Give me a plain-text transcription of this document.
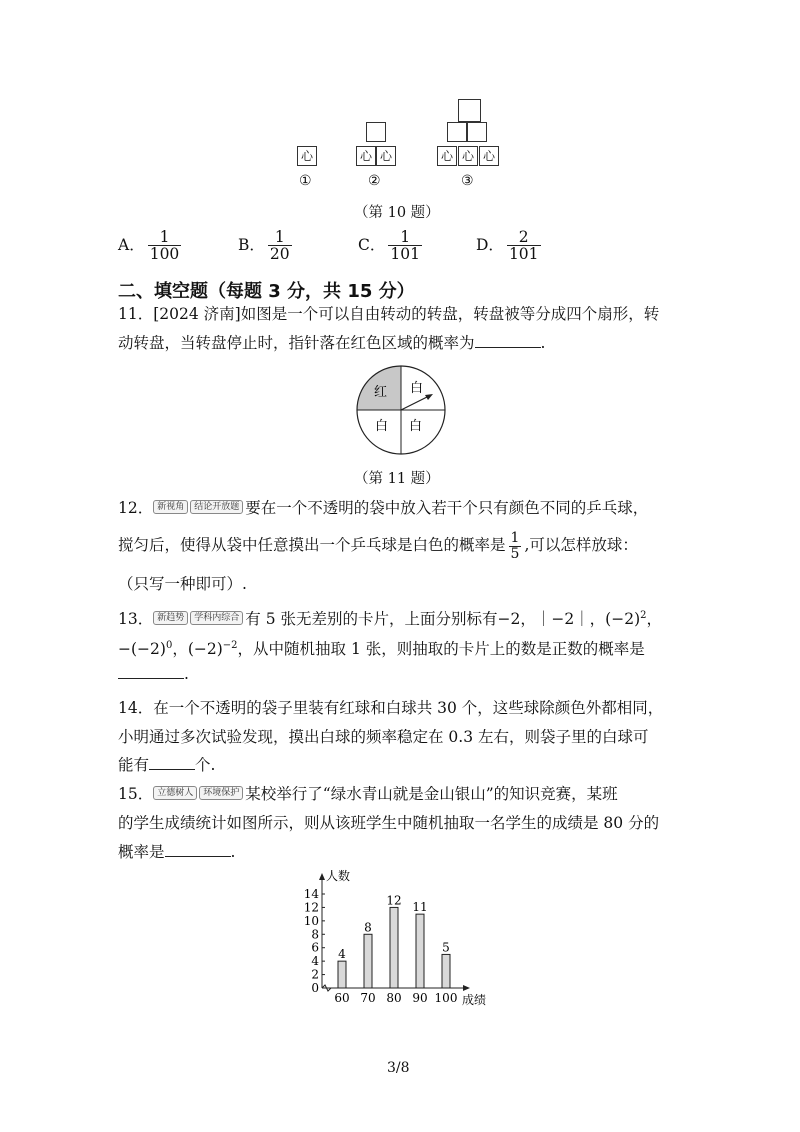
心	心 心	心 心 心
①	②	③
（第 10 题）
A． $\frac{1}{100}$	B． $\frac{1}{20}$	C． $\frac{1}{101}$	D． $\frac{2}{101}$
二、填空题（每题 3 分，共 15 分）
11．[2024 济南]如图是一个可以自由转动的转盘，转盘被等分成四个扇形，转
动转盘，当转盘停止时，指针落在红色区域的概率为	.
红 白
白 白
（第 11 题）
12． 新视角 结论开放题 要在一个不透明的袋中放入若干个只有颜色不同的乒乓球，
搅匀后，使得从袋中任意摸出一个乒乓球是白色的概率是 $\frac{1}{5}$ ,可以怎样放球：
（只写一种即可）.
13． 新趋势 学科内综合 有 5 张无差别的卡片，上面分别标有−2，｜−2｜，$(-2)^2$，
$-(-2)^0$，$(-2)^{-2}$，从中随机抽取 1 张，则抽取的卡片上的数是正数的概率是
.
14．在一个不透明的袋子里装有红球和白球共 30 个，这些球除颜色外都相同，
小明通过多次试验发现，摸出白球的频率稳定在 0.3 左右，则袋子里的白球可
能有	个.
15． 立德树人 环境保护 某校举行了“绿水青山就是金山银山”的知识竞赛，某班
的学生成绩统计如图所示，则从该班学生中随机抽取一名学生的成绩是 80 分的
概率是	.
0
2
4
6
8
10
12
14
人数
成绩
4
60
8
70
12
80
11
90
5
100
3/8
